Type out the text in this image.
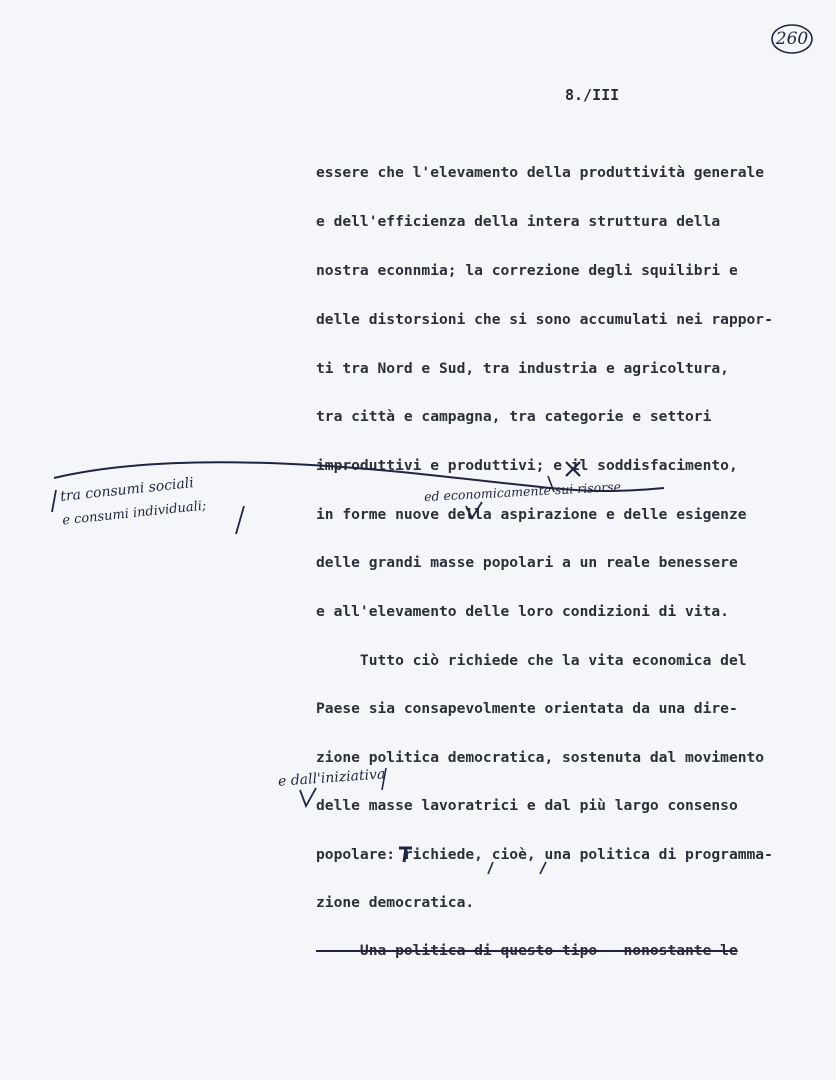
260
8./III
essere che l'elevamento della produttività generale
e dell'efficienza della intera struttura della
nostra econnmia; la correzione degli squilibri e
delle distorsioni che si sono accumulati nei rappor-
ti tra Nord e Sud, tra industria e agricoltura,
tra città e campagna, tra categorie e settori
improduttivi e produttivi; e il soddisfacimento,
in forme nuove della aspirazione e delle esigenze
delle grandi masse popolari a un reale benessere
e all'elevamento delle loro condizioni di vita.
Tutto ciò richiede che la vita economica del
Paese sia consapevolmente orientata da una dire-
zione politica democratica, sostenuta dal movimento
delle masse lavoratrici e dal più largo consenso
popolare: richiede, cioè, una politica di programma-
zione democratica.
Una politica di questo tipo - nonostante le
tra consumi sociali
e consumi individuali;
ed economicamente sui risorse
e dall'iniziativa
